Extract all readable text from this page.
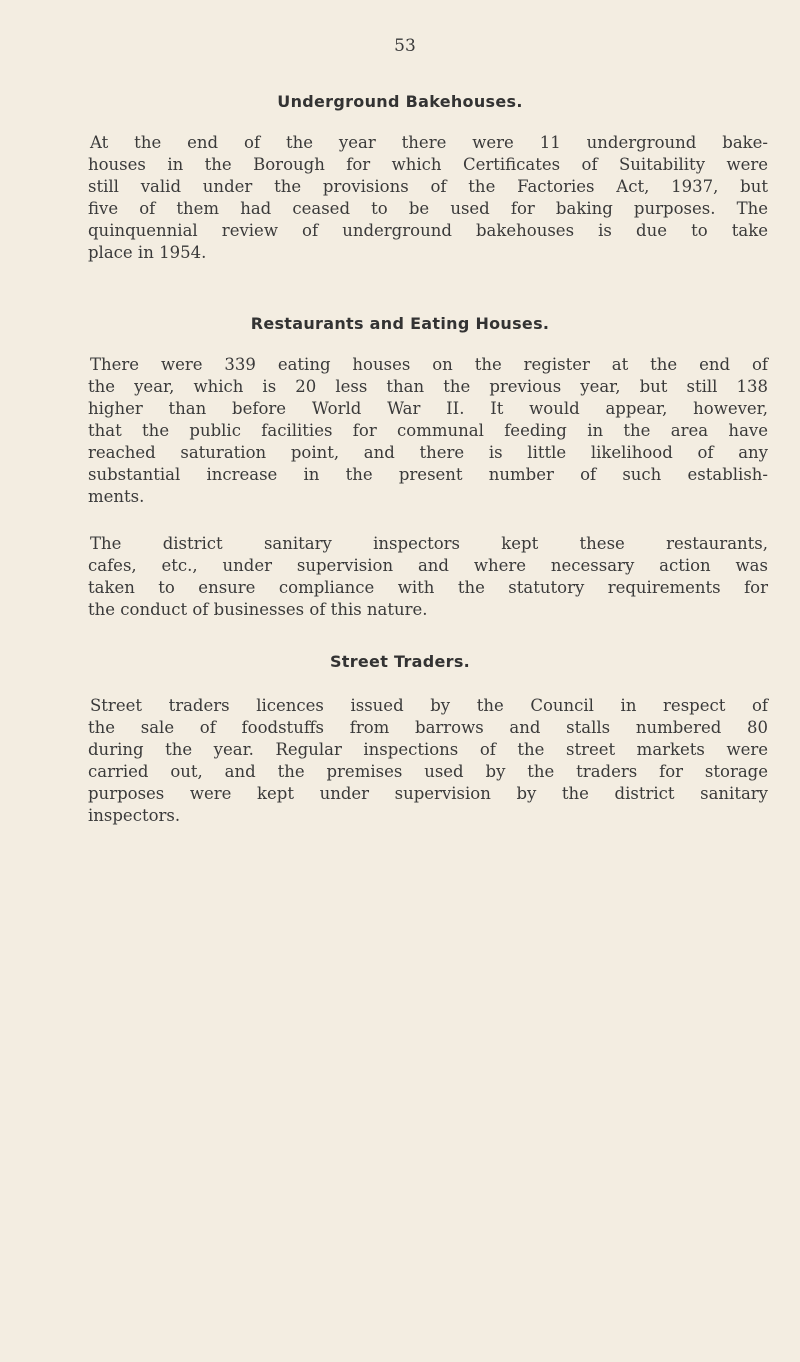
53
Underground Bakehouses.
At the end of the year there were 11 underground bake-
houses in the Borough for which Certificates of Suitability were
still valid under the provisions of the Factories Act, 1937, but
five of them had ceased to be used for baking purposes. The
quinquennial review of underground bakehouses is due to take
place in 1954.
Restaurants and Eating Houses.
There were 339 eating houses on the register at the end of
the year, which is 20 less than the previous year, but still 138
higher than before World War II. It would appear, however,
that the public facilities for communal feeding in the area have
reached saturation point, and there is little likelihood of any
substantial increase in the present number of such establish-
ments.
The district sanitary inspectors kept these restaurants,
cafes, etc., under supervision and where necessary action was
taken to ensure compliance with the statutory requirements for
the conduct of businesses of this nature.
Street Traders.
Street traders licences issued by the Council in respect of
the sale of foodstuffs from barrows and stalls numbered 80
during the year. Regular inspections of the street markets were
carried out, and the premises used by the traders for storage
purposes were kept under supervision by the district sanitary
inspectors.
